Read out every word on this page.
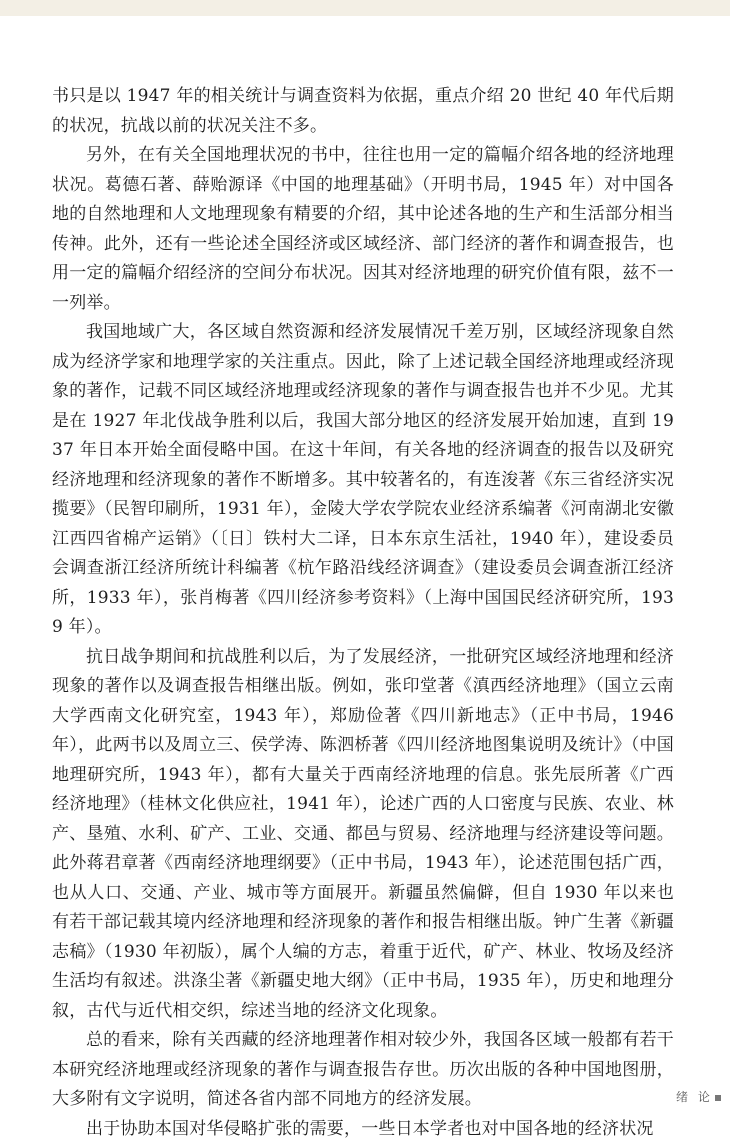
书只是以 1947 年的相关统计与调查资料为依据，重点介绍 20 世纪 40 年代后期的状况，抗战以前的状况关注不多。

另外，在有关全国地理状况的书中，往往也用一定的篇幅介绍各地的经济地理状况。葛德石著、薛贻源译《中国的地理基础》（开明书局，1945 年）对中国各地的自然地理和人文地理现象有精要的介绍，其中论述各地的生产和生活部分相当传神。此外，还有一些论述全国经济或区域经济、部门经济的著作和调查报告，也用一定的篇幅介绍经济的空间分布状况。因其对经济地理的研究价值有限，兹不一一列举。

我国地域广大，各区域自然资源和经济发展情况千差万别，区域经济现象自然成为经济学家和地理学家的关注重点。因此，除了上述记载全国经济地理或经济现象的著作，记载不同区域经济地理或经济现象的著作与调查报告也并不少见。尤其是在 1927 年北伐战争胜利以后，我国大部分地区的经济发展开始加速，直到 1937 年日本开始全面侵略中国。在这十年间，有关各地的经济调查的报告以及研究经济地理和经济现象的著作不断增多。其中较著名的，有连浚著《东三省经济实况揽要》（民智印刷所，1931 年），金陵大学农学院农业经济系编著《河南湖北安徽江西四省棉产运销》（〔日〕铁村大二译，日本东京生活社，1940 年），建设委员会调查浙江经济所统计科编著《杭乍路沿线经济调查》（建设委员会调查浙江经济所，1933 年），张肖梅著《四川经济参考资料》（上海中国国民经济研究所，1939 年）。

抗日战争期间和抗战胜利以后，为了发展经济，一批研究区域经济地理和经济现象的著作以及调查报告相继出版。例如，张印堂著《滇西经济地理》（国立云南大学西南文化研究室，1943 年），郑励俭著《四川新地志》（正中书局，1946 年），此两书以及周立三、侯学涛、陈泗桥著《四川经济地图集说明及统计》（中国地理研究所，1943 年），都有大量关于西南经济地理的信息。张先辰所著《广西经济地理》（桂林文化供应社，1941 年），论述广西的人口密度与民族、农业、林产、垦殖、水利、矿产、工业、交通、都邑与贸易、经济地理与经济建设等问题。此外蒋君章著《西南经济地理纲要》（正中书局，1943 年），论述范围包括广西，也从人口、交通、产业、城市等方面展开。新疆虽然偏僻，但自 1930 年以来也有若干部记载其境内经济地理和经济现象的著作和报告相继出版。钟广生著《新疆志稿》（1930 年初版），属个人编的方志，着重于近代，矿产、林业、牧场及经济生活均有叙述。洪涤尘著《新疆史地大纲》（正中书局，1935 年），历史和地理分叙，古代与近代相交织，综述当地的经济文化现象。

总的看来，除有关西藏的经济地理著作相对较少外，我国各区域一般都有若干本研究经济地理或经济现象的著作与调查报告存世。历次出版的各种中国地图册，大多附有文字说明，简述各省内部不同地方的经济发展。

出于协助本国对华侵略扩张的需要，一些日本学者也对中国各地的经济状况

绪 论
